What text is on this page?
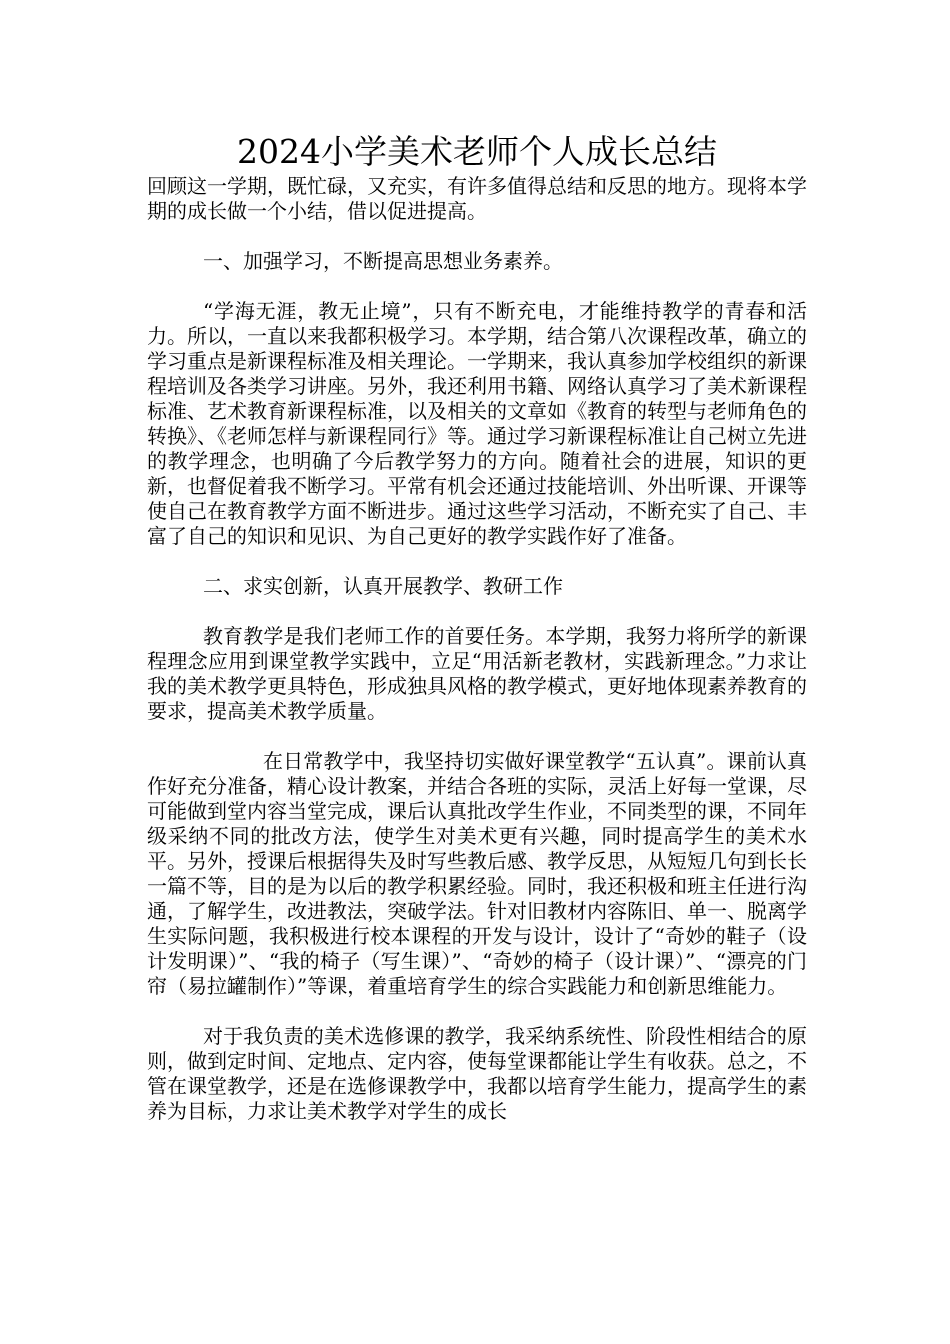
2024小学美术老师个人成长总结

回顾这一学期，既忙碌，又充实，有许多值得总结和反思的地方。现将本学期的成长做一个小结，借以促进提高。

一、加强学习，不断提高思想业务素养。

“学海无涯，教无止境”，只有不断充电，才能维持教学的青春和活力。所以，一直以来我都积极学习。本学期，结合第八次课程改革，确立的学习重点是新课程标准及相关理论。一学期来，我认真参加学校组织的新课程培训及各类学习讲座。另外，我还利用书籍、网络认真学习了美术新课程标准、艺术教育新课程标准，以及相关的文章如《教育的转型与老师角色的转换》、《老师怎样与新课程同行》等。通过学习新课程标准让自己树立先进的教学理念，也明确了今后教学努力的方向。随着社会的进展，知识的更新，也督促着我不断学习。平常有机会还通过技能培训、外出听课、开课等使自己在教育教学方面不断进步。通过这些学习活动，不断充实了自己、丰富了自己的知识和见识、为自己更好的教学实践作好了准备。

二、求实创新，认真开展教学、教研工作

教育教学是我们老师工作的首要任务。本学期，我努力将所学的新课程理念应用到课堂教学实践中，立足“用活新老教材，实践新理念。”力求让我的美术教学更具特色，形成独具风格的教学模式，更好地体现素养教育的要求，提高美术教学质量。

在日常教学中，我坚持切实做好课堂教学“五认真”。课前认真作好充分准备，精心设计教案，并结合各班的实际，灵活上好每一堂课，尽可能做到堂内容当堂完成，课后认真批改学生作业，不同类型的课，不同年级采纳不同的批改方法，使学生对美术更有兴趣，同时提高学生的美术水平。另外，授课后根据得失及时写些教后感、教学反思，从短短几句到长长一篇不等，目的是为以后的教学积累经验。同时，我还积极和班主任进行沟通，了解学生，改进教法，突破学法。针对旧教材内容陈旧、单一、脱离学生实际问题，我积极进行校本课程的开发与设计，设计了“奇妙的鞋子（设计发明课）”、“我的椅子（写生课）”、“奇妙的椅子（设计课）”、“漂亮的门帘（易拉罐制作）”等课，着重培育学生的综合实践能力和创新思维能力。

对于我负责的美术选修课的教学，我采纳系统性、阶段性相结合的原则，做到定时间、定地点、定内容，使每堂课都能让学生有收获。总之，不管在课堂教学，还是在选修课教学中，我都以培育学生能力，提高学生的素养为目标，力求让美术教学对学生的成长
